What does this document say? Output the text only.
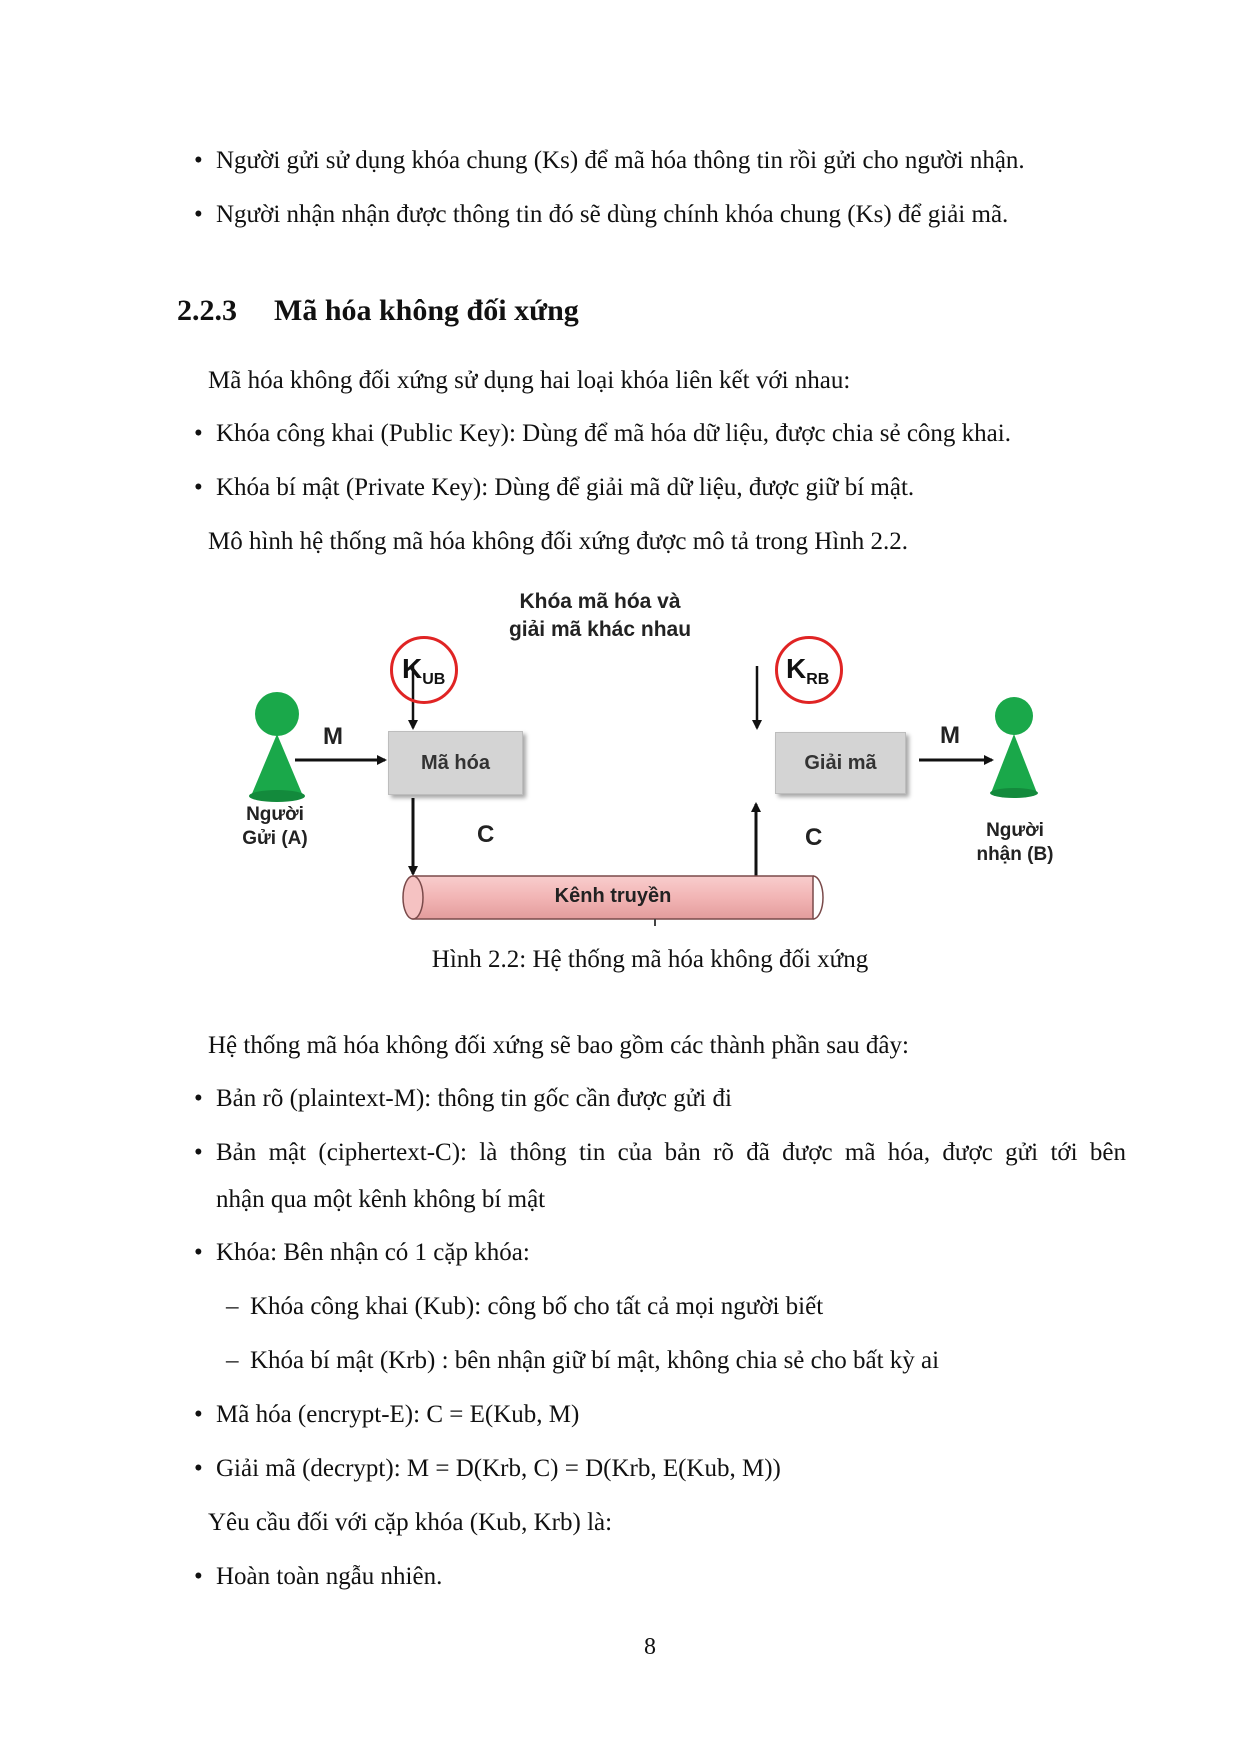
• Người gửi sử dụng khóa chung (Ks) để mã hóa thông tin rồi gửi cho người nhận.
• Người nhận nhận được thông tin đó sẽ dùng chính khóa chung (Ks) để giải mã.
2.2.3 Mã hóa không đối xứng
Mã hóa không đối xứng sử dụng hai loại khóa liên kết với nhau:
• Khóa công khai (Public Key): Dùng để mã hóa dữ liệu, được chia sẻ công khai.
• Khóa bí mật (Private Key): Dùng để giải mã dữ liệu, được giữ bí mật.
Mô hình hệ thống mã hóa không đối xứng được mô tả trong Hình 2.2.
$K_{UB}$	$K_{RB}$
Khóa mã hóa và
giải mã khác nhau
Mã hóa	Giải mã
M	M
C	C
Người
Gửi (A)	Người
nhận (B)
Kênh truyền
Hình 2.2: Hệ thống mã hóa không đối xứng
Hệ thống mã hóa không đối xứng sẽ bao gồm các thành phần sau đây:
• Bản rõ (plaintext-M): thông tin gốc cần được gửi đi
• Bản mật (ciphertext-C): là thông tin của bản rõ đã được mã hóa, được gửi tới bên
nhận qua một kênh không bí mật
• Khóa: Bên nhận có 1 cặp khóa:
– Khóa công khai (Kub): công bố cho tất cả mọi người biết
– Khóa bí mật (Krb) : bên nhận giữ bí mật, không chia sẻ cho bất kỳ ai
• Mã hóa (encrypt-E): C = E(Kub, M)
• Giải mã (decrypt): M = D(Krb, C) = D(Krb, E(Kub, M))
Yêu cầu đối với cặp khóa (Kub, Krb) là:
• Hoàn toàn ngẫu nhiên.
8
